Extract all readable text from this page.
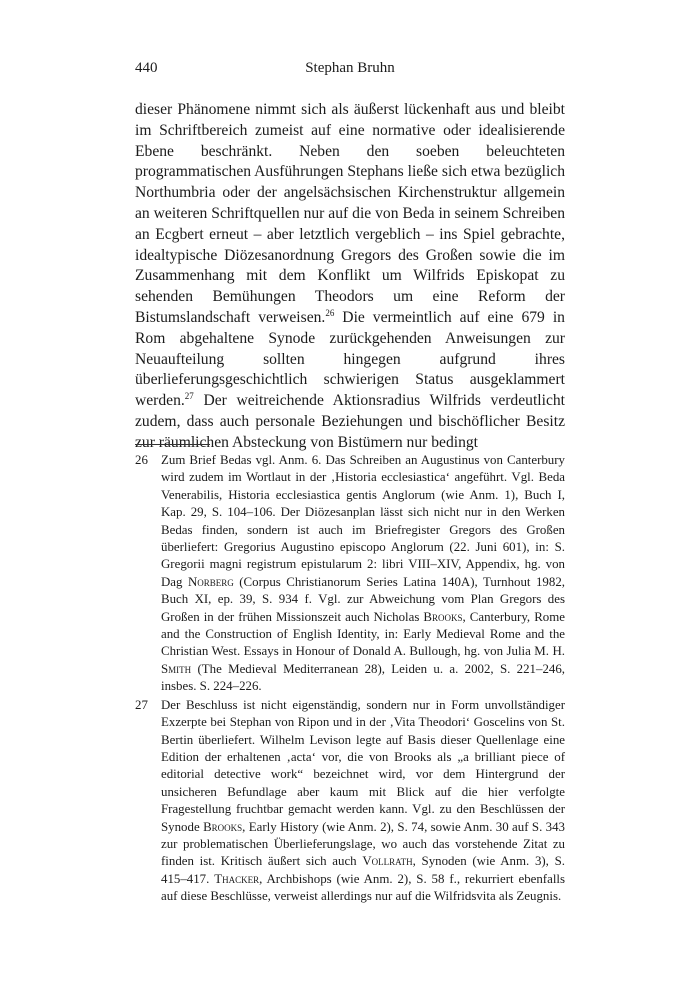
440	Stephan Bruhn

dieser Phänomene nimmt sich als äußerst lückenhaft aus und bleibt im Schriftbereich zumeist auf eine normative oder idealisierende Ebene beschränkt. Neben den soeben beleuchteten programmatischen Ausführungen Stephans ließe sich etwa bezüglich Northumbria oder der angelsächsischen Kirchenstruktur allgemein an weiteren Schriftquellen nur auf die von Beda in seinem Schreiben an Ecgbert erneut – aber letztlich vergeblich – ins Spiel gebrachte, idealtypische Diözesanordnung Gregors des Großen sowie die im Zusammenhang mit dem Konflikt um Wilfrids Episkopat zu sehenden Bemühungen Theodors um eine Reform der Bistumslandschaft verweisen.$^{26}$ Die vermeintlich auf eine 679 in Rom abgehaltene Synode zurückgehenden Anweisungen zur Neuaufteilung sollten hingegen aufgrund ihres überlieferungsgeschichtlich schwierigen Status ausgeklammert werden.$^{27}$ Der weitreichende Aktionsradius Wilfrids verdeutlicht zudem, dass auch personale Beziehungen und bischöflicher Besitz zur räumlichen Absteckung von Bistümern nur bedingt

26 Zum Brief Bedas vgl. Anm. 6. Das Schreiben an Augustinus von Canterbury wird zudem im Wortlaut in der ‚Historia ecclesiastica‘ angeführt. Vgl. Beda Venerabilis, Historia ecclesiastica gentis Anglorum (wie Anm. 1), Buch I, Kap. 29, S. 104–106. Der Diözesanplan lässt sich nicht nur in den Werken Bedas finden, sondern ist auch im Briefregister Gregors des Großen überliefert: Gregorius Augustino episcopo Anglorum (22. Juni 601), in: S. Gregorii magni registrum epistularum 2: libri VIII–XIV, Appendix, hg. von Dag Norberg (Corpus Christianorum Series Latina 140A), Turnhout 1982, Buch XI, ep. 39, S. 934 f. Vgl. zur Abweichung vom Plan Gregors des Großen in der frühen Missionszeit auch Nicholas Brooks, Canterbury, Rome and the Construction of English Identity, in: Early Medieval Rome and the Christian West. Essays in Honour of Donald A. Bullough, hg. von Julia M. H. Smith (The Medieval Mediterranean 28), Leiden u. a. 2002, S. 221–246, insbes. S. 224–226.
27 Der Beschluss ist nicht eigenständig, sondern nur in Form unvollständiger Exzerpte bei Stephan von Ripon und in der ‚Vita Theodori‘ Goscelins von St. Bertin überliefert. Wilhelm Levison legte auf Basis dieser Quellenlage eine Edition der erhaltenen ‚acta‘ vor, die von Brooks als „a brilliant piece of editorial detective work“ bezeichnet wird, vor dem Hintergrund der unsicheren Befundlage aber kaum mit Blick auf die hier verfolgte Fragestellung fruchtbar gemacht werden kann. Vgl. zu den Beschlüssen der Synode Brooks, Early History (wie Anm. 2), S. 74, sowie Anm. 30 auf S. 343 zur problematischen Überlieferungslage, wo auch das vorstehende Zitat zu finden ist. Kritisch äußert sich auch Vollrath, Synoden (wie Anm. 3), S. 415–417. Thacker, Archbishops (wie Anm. 2), S. 58 f., rekurriert ebenfalls auf diese Beschlüsse, verweist allerdings nur auf die Wilfridsvita als Zeugnis.
